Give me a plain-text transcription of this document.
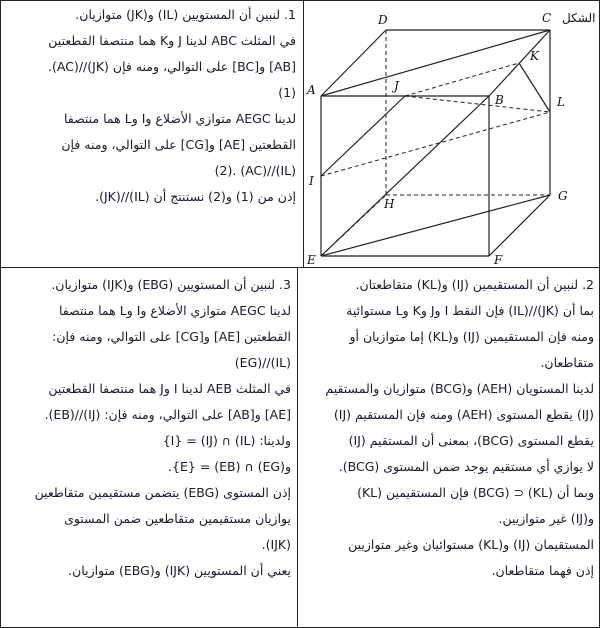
1. لنبين أن المستويين (IL) و(JK) متوازيان.

في المثلث ABC لدينا J وK هما منتصفا القطعتين

[AB] و[BC] على التوالي، ومنه فإن (JK)//(AC).

(1)

لدينا AEGC متوازي الأضلاع وI وL هما منتصفا

القطعتين [AE] و[CG] على التوالي، ومنه فإن

(IL)//(AC) .(2)

إذن من (1) و(2) نستنتج أن (IL)//(JK).

الشكل
A
B
C
D
E	F
G
H
I
J
K
L

2. لنبين أن المستقيمين (IJ) و(KL) متقاطعتان.

بما أن (JK)//(IL) فإن النقط I وJ وK وL مستوائية

ومنه فإن المستقيمين (IJ) و(KL) إما متوازيان أو

متقاطعان.

لدينا المستويان (AEH) و(BCG) متوازيان والمستقيم

(IJ) يقطع المستوى (AEH) ومنه فإن المستقيم (IJ)

يقطع المستوى (BCG)، بمعنى أن المستقيم (IJ)

لا يوازي أي مستقيم يوجد ضمن المستوى (BCG).

وبما أن (KL) ⊂ (BCG) فإن المستقيمين (KL)

و(IJ) غير متوازيين.

المستقيمان (IJ) و(KL) مستوائيان وغير متوازيين

إذن فهما متقاطعان.

3. لنبين أن المستويين (EBG) و(IJK) متوازيان.

لدينا AEGC متوازي الأضلاع وI وL هما منتصفا

القطعتين [AE] و[CG] على التوالي، ومنه فإن:

(IL)//(EG)

في المثلث AEB لدينا I وJ هما منتصفا القطعتين

[AE] و[AB] على التوالي، ومنه فإن: (IJ)//(EB).

ولدينا: (IL) ∩ (IJ) = {I}

و(EG) ∩ (EB) = {E}.

إذن المستوى (EBG) يتضمن مستقيمين متقاطعين

يوازيان مستقيمين متقاطعين ضمن المستوى

(IJK).

يعني أن المستويين (IJK) و(EBG) متوازيان.
